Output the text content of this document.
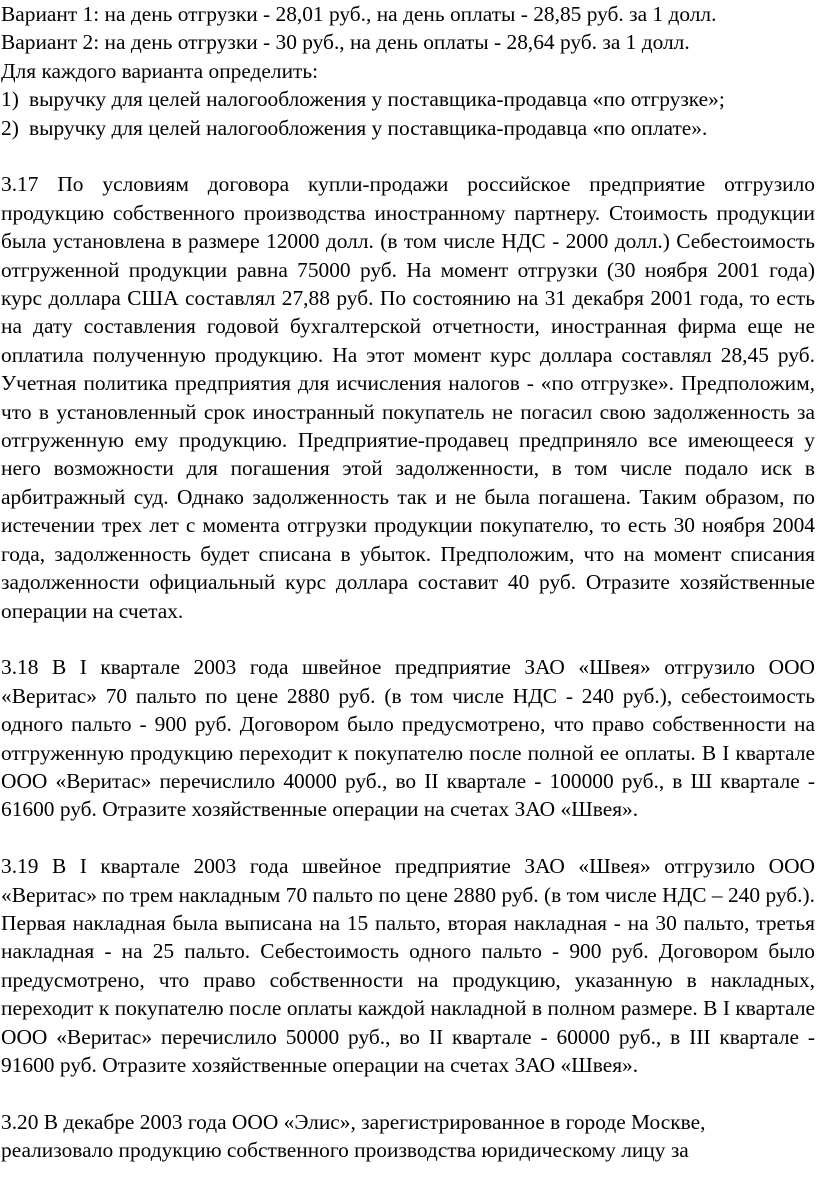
Вариант 1: на день отгрузки - 28,01 руб., на день оплаты - 28,85 руб. за 1 долл.

Вариант 2: на день отгрузки - 30 руб., на день оплаты - 28,64 руб. за 1 долл.

Для каждого варианта определить:

1) выручку для целей налогообложения у поставщика-продавца «по отгрузке»;

2) выручку для целей налогообложения у поставщика-продавца «по оплате».

3.17 По условиям договора купли-продажи российское предприятие отгрузило продукцию собственного производства иностранному партнеру. Стоимость продукции была установлена в размере 12000 долл. (в том числе НДС - 2000 долл.) Себестоимость отгруженной продукции равна 75000 руб. На момент отгрузки (30 ноября 2001 года) курс доллара США составлял 27,88 руб. По состоянию на 31 декабря 2001 года, то есть на дату составления годовой бухгалтерской отчетности, иностранная фирма еще не оплатила полученную продукцию. На этот момент курс доллара составлял 28,45 руб. Учетная политика предприятия для исчисления налогов - «по отгрузке». Предположим, что в установленный срок иностранный покупатель не погасил свою задолженность за отгруженную ему продукцию. Предприятие-продавец предприняло все имеющееся у него возможности для погашения этой задолженности, в том числе подало иск в арбитражный суд. Однако задолженность так и не была погашена. Таким образом, по истечении трех лет с момента отгрузки продукции покупателю, то есть 30 ноября 2004 года, задолженность будет списана в убыток. Предположим, что на момент списания задолженности официальный курс доллара составит 40 руб. Отразите хозяйственные операции на счетах.

3.18 В I квартале 2003 года швейное предприятие ЗАО «Швея» отгрузило ООО «Веритас» 70 пальто по цене 2880 руб. (в том числе НДС - 240 руб.), себестоимость одного пальто - 900 руб. Договором было предусмотрено, что право собственности на отгруженную продукцию переходит к покупателю после полной ее оплаты. В I квартале ООО «Веритас» перечислило 40000 руб., во II квартале - 100000 руб., в Ш квартале - 61600 руб. Отразите хозяйственные операции на счетах ЗАО «Швея».

3.19 В I квартале 2003 года швейное предприятие ЗАО «Швея» отгрузило ООО «Веритас» по трем накладным 70 пальто по цене 2880 руб. (в том числе НДС – 240 руб.). Первая накладная была выписана на 15 пальто, вторая накладная - на 30 пальто, третья накладная - на 25 пальто. Себестоимость одного пальто - 900 руб. Договором было предусмотрено, что право собственности на продукцию, указанную в накладных, переходит к покупателю после оплаты каждой накладной в полном размере. В I квартале ООО «Веритас» перечислило 50000 руб., во II квартале - 60000 руб., в III квартале - 91600 руб. Отразите хозяйственные операции на счетах ЗАО «Швея».

3.20 В декабре 2003 года ООО «Элис», зарегистрированное в городе Москве,

реализовало продукцию собственного производства юридическому лицу за
